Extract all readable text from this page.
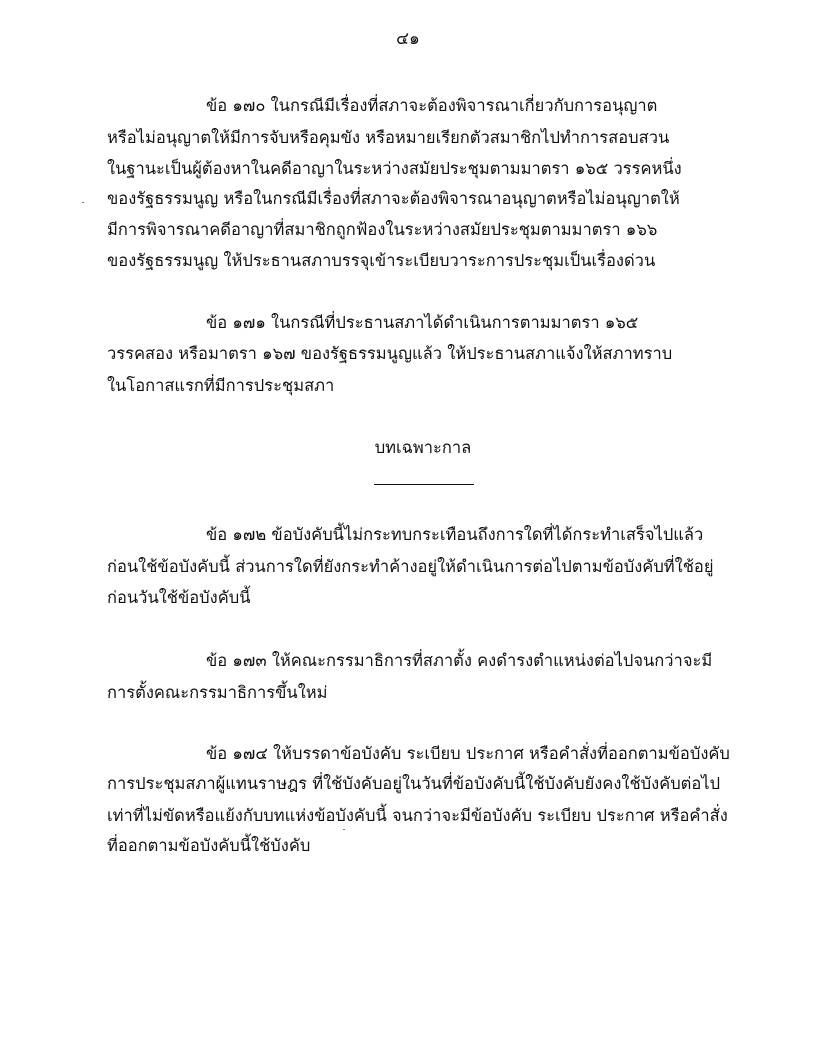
๔๑
ข้อ ๑๗๐ ในกรณีมีเรื่องที่สภาจะต้องพิจารณาเกี่ยวกับการอนุญาต
หรือไม่อนุญาตให้มีการจับหรือคุมขัง หรือหมายเรียกตัวสมาชิกไปทำการสอบสวน
ในฐานะเป็นผู้ต้องหาในคดีอาญาในระหว่างสมัยประชุมตามมาตรา ๑๖๕ วรรคหนึ่ง
ของรัฐธรรมนูญ หรือในกรณีมีเรื่องที่สภาจะต้องพิจารณาอนุญาตหรือไม่อนุญาตให้
มีการพิจารณาคดีอาญาที่สมาชิกถูกฟ้องในระหว่างสมัยประชุมตามมาตรา ๑๖๖
ของรัฐธรรมนูญ ให้ประธานสภาบรรจุเข้าระเบียบวาระการประชุมเป็นเรื่องด่วน
ข้อ ๑๗๑ ในกรณีที่ประธานสภาได้ดำเนินการตามมาตรา ๑๖๕
วรรคสอง หรือมาตรา ๑๖๗ ของรัฐธรรมนูญแล้ว ให้ประธานสภาแจ้งให้สภาทราบ
ในโอกาสแรกที่มีการประชุมสภา
บทเฉพาะกาล
ข้อ ๑๗๒ ข้อบังคับนี้ไม่กระทบกระเทือนถึงการใดที่ได้กระทำเสร็จไปแล้ว
ก่อนใช้ข้อบังคับนี้ ส่วนการใดที่ยังกระทำค้างอยู่ให้ดำเนินการต่อไปตามข้อบังคับที่ใช้อยู่
ก่อนวันใช้ข้อบังคับนี้
ข้อ ๑๗๓ ให้คณะกรรมาธิการที่สภาตั้ง คงดำรงตำแหน่งต่อไปจนกว่าจะมี
การตั้งคณะกรรมาธิการขึ้นใหม่
ข้อ ๑๗๔ ให้บรรดาข้อบังคับ ระเบียบ ประกาศ หรือคำสั่งที่ออกตามข้อบังคับ
การประชุมสภาผู้แทนราษฎร ที่ใช้บังคับอยู่ในวันที่ข้อบังคับนี้ใช้บังคับยังคงใช้บังคับต่อไป
เท่าที่ไม่ขัดหรือแย้งกับบทแห่งข้อบังคับนี้ จนกว่าจะมีข้อบังคับ ระเบียบ ประกาศ หรือคำสั่ง
ที่ออกตามข้อบังคับนี้ใช้บังคับ
